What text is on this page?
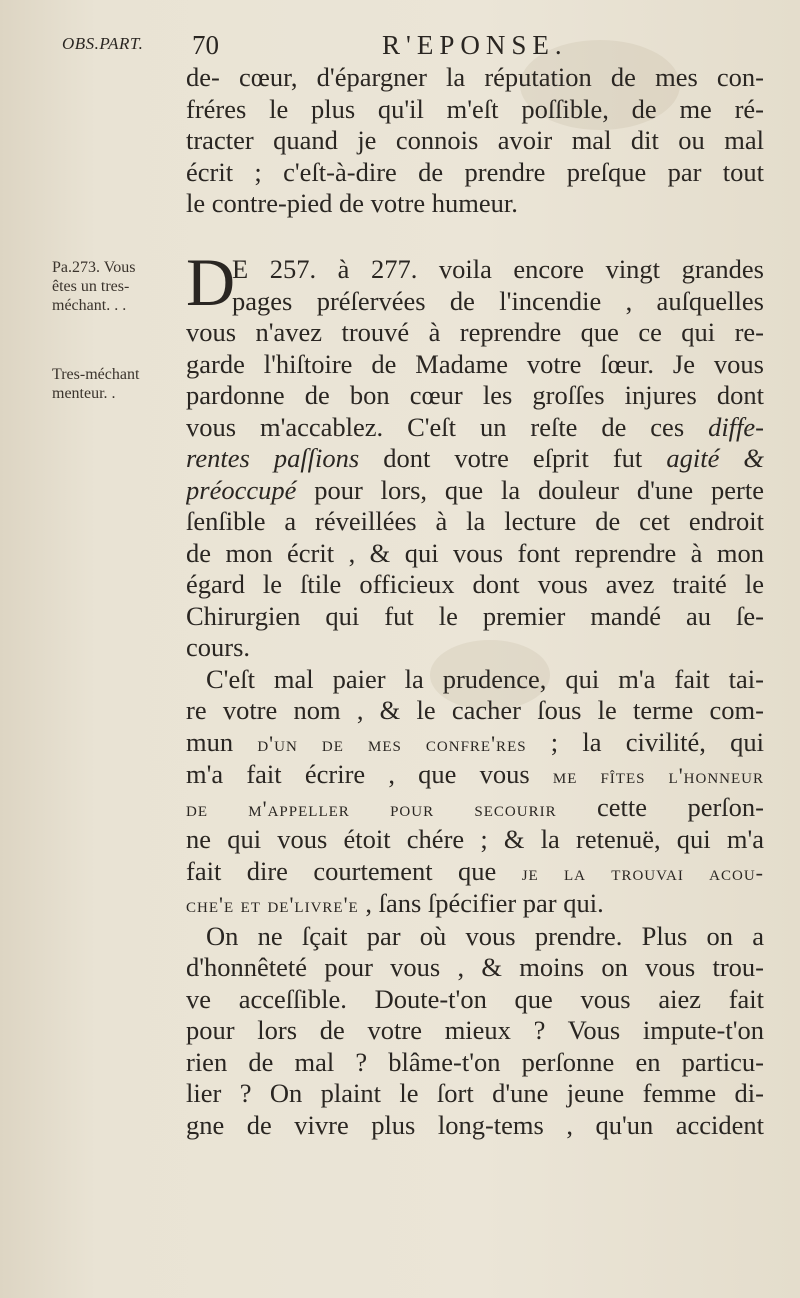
OBS.PART. 70	R'EPONSE.
de- cœur, d'épargner la réputation de mes con-
fréres le plus qu'il m'eſt poſſible, de me ré-
tracter quand je connois avoir mal dit ou mal
écrit ; c'eſt-à-dire de prendre preſque par tout
le contre-pied de votre humeur.
Pa.273. Vous
êtes un tres-
méchant. . .
Tres-méchant
menteur. .
D
E 257. à 277. voila encore vingt grandes
pages préſervées de l'incendie , auſquelles
vous n'avez trouvé à reprendre que ce qui re-
garde l'hiſtoire de Madame votre ſœur. Je vous
pardonne de bon cœur les groſſes injures dont
vous m'accablez. C'eſt un reſte de ces diffe-
rentes paſſions dont votre eſprit fut agité &
préoccupé pour lors, que la douleur d'une perte
ſenſible a réveillées à la lecture de cet endroit
de mon écrit , & qui vous font reprendre à mon
égard le ſtile officieux dont vous avez traité le
Chirurgien qui fut le premier mandé au ſe-
cours.
C'eſt mal paier la prudence, qui m'a fait tai-
re votre nom , & le cacher ſous le terme com-
mun d'un de mes confre'res ; la civilité, qui
m'a fait écrire , que vous me fîtes l'honneur
de m'appeller pour secourir cette perſon-
ne qui vous étoit chére ; & la retenuë, qui m'a
fait dire courtement que je la trouvai acou-
che'e et de'livre'e , ſans ſpécifier par qui.
On ne ſçait par où vous prendre. Plus on a
d'honnêteté pour vous , & moins on vous trou-
ve acceſſible. Doute-t'on que vous aiez fait
pour lors de votre mieux ? Vous impute-t'on
rien de mal ? blâme-t'on perſonne en particu-
lier ? On plaint le ſort d'une jeune femme di-
gne de vivre plus long-tems , qu'un accident
